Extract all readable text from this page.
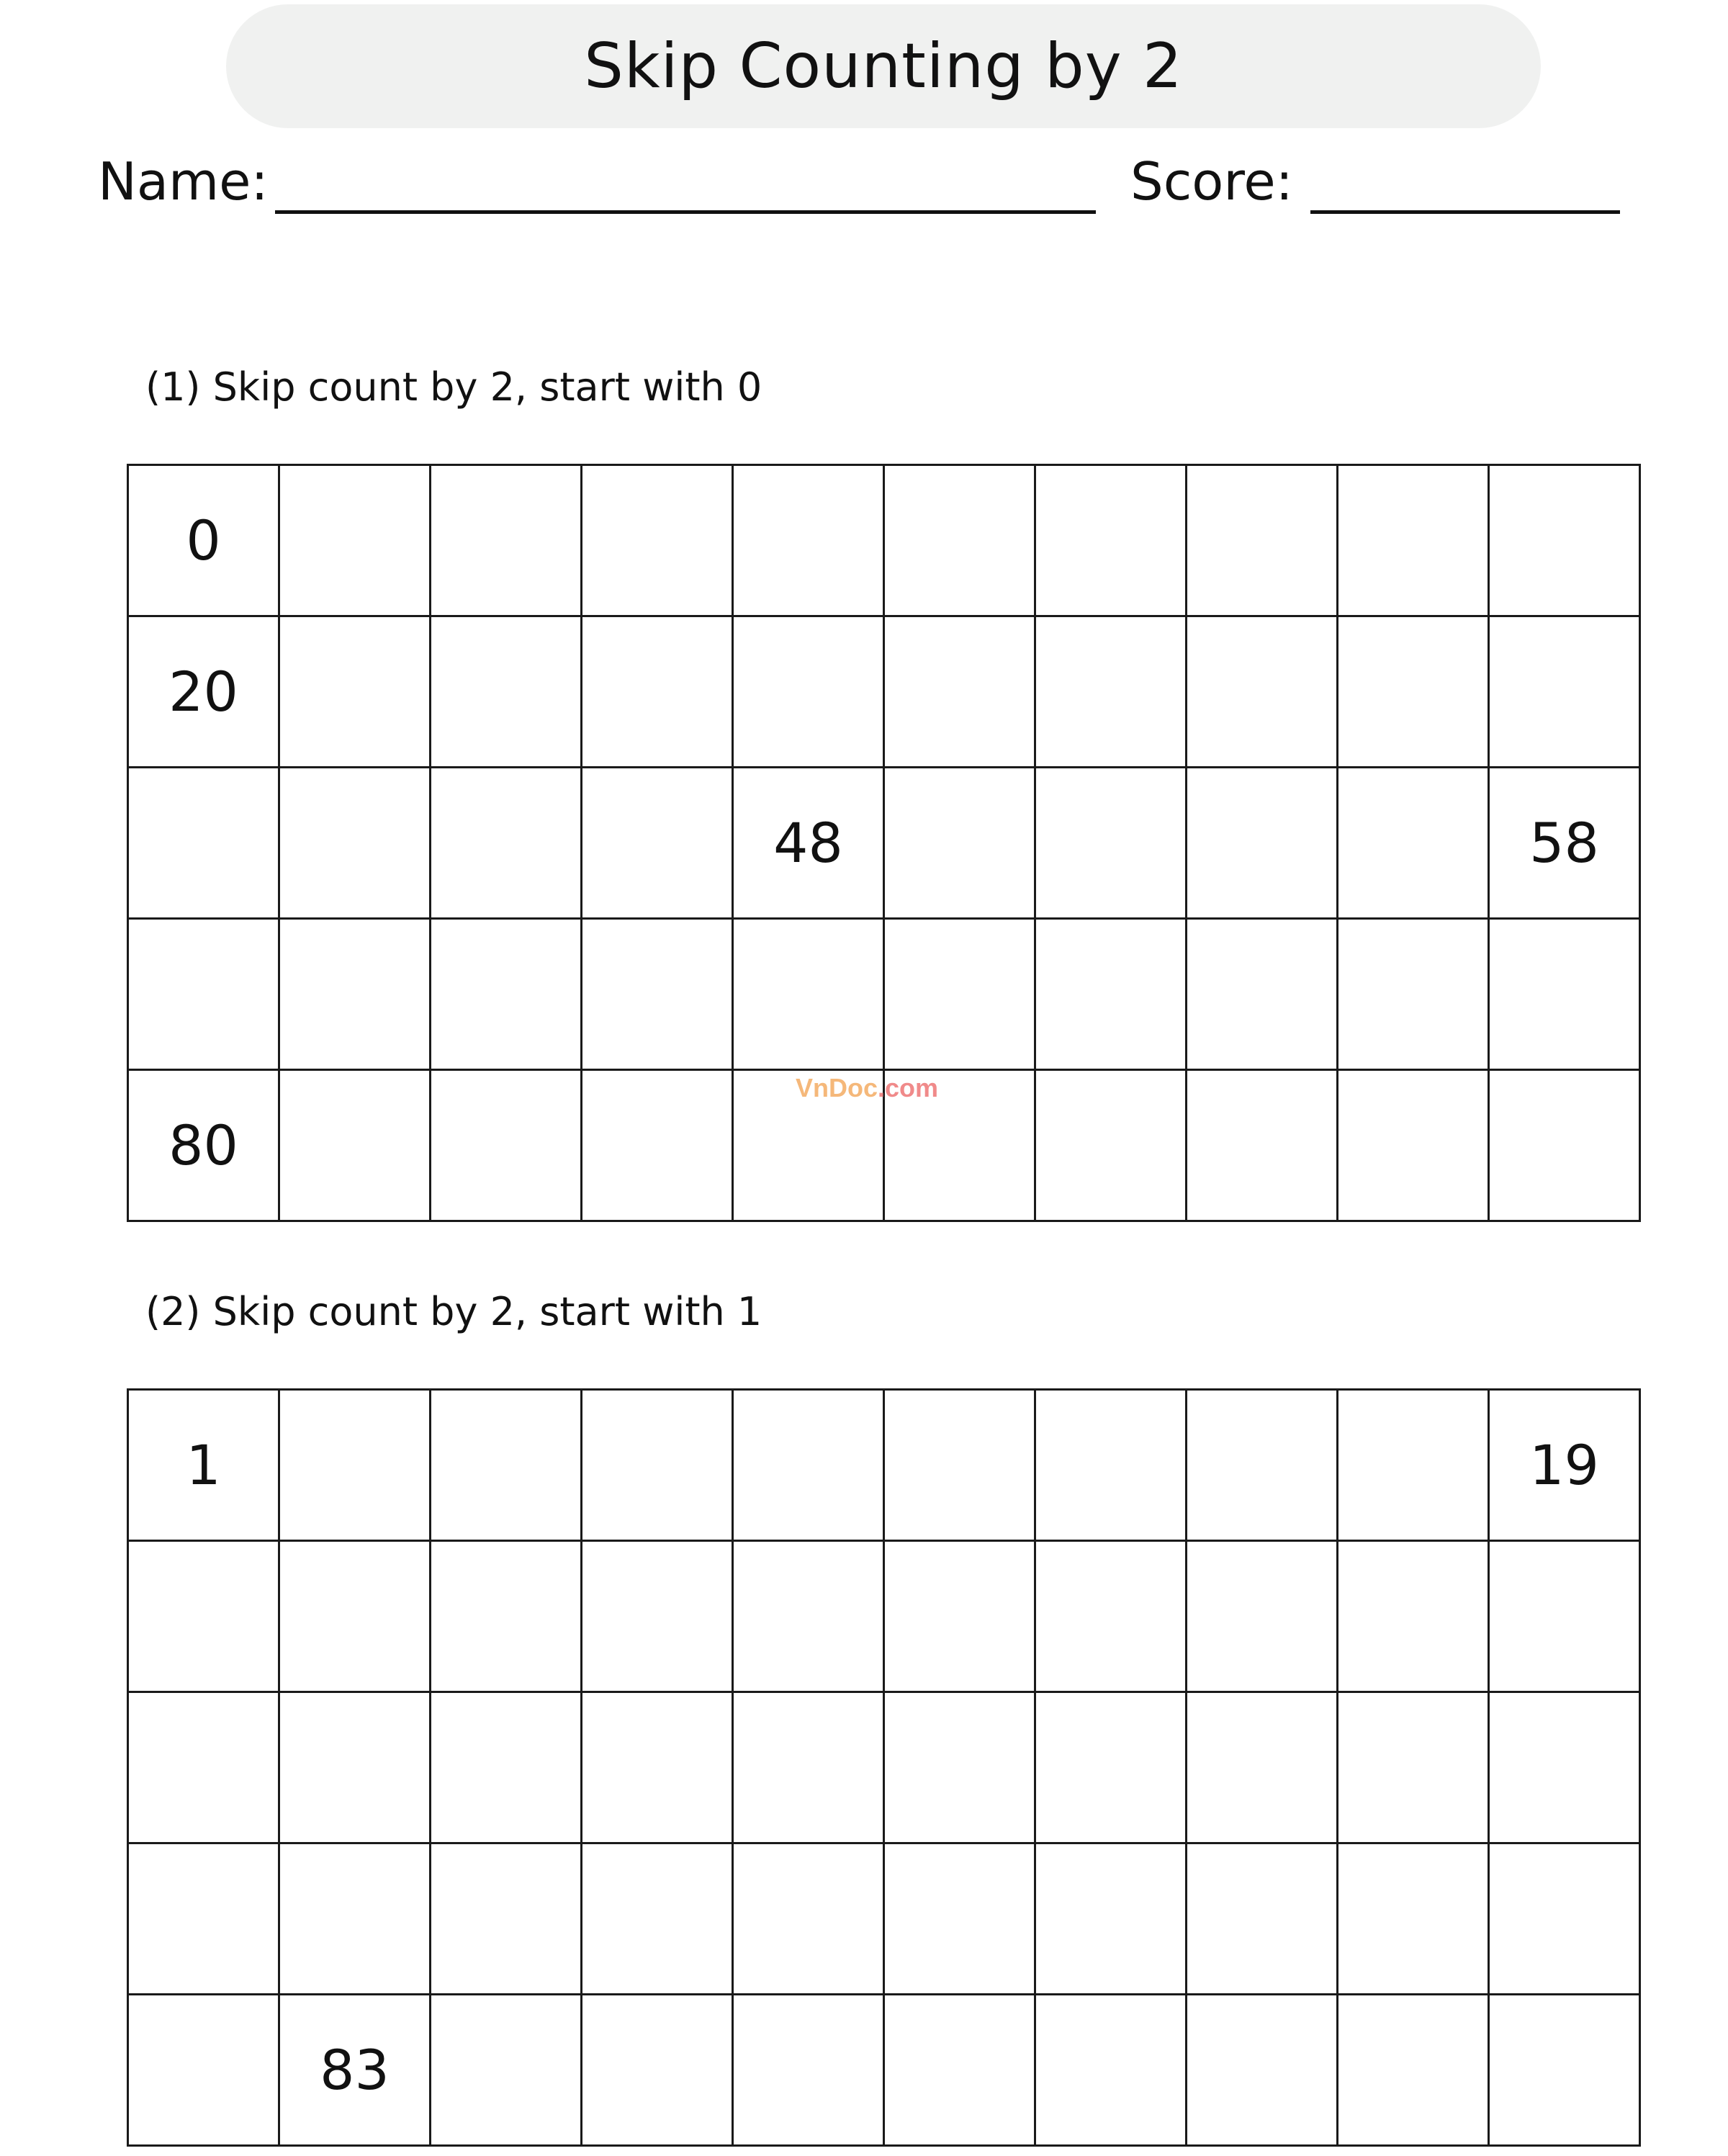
Skip Counting by 2
Name:	Score:
(1) Skip count by 2, start with 0
0									
20									
				48					58

80									
(2) Skip count by 2, start with 1
1									19

	83								
VnDoc.com
